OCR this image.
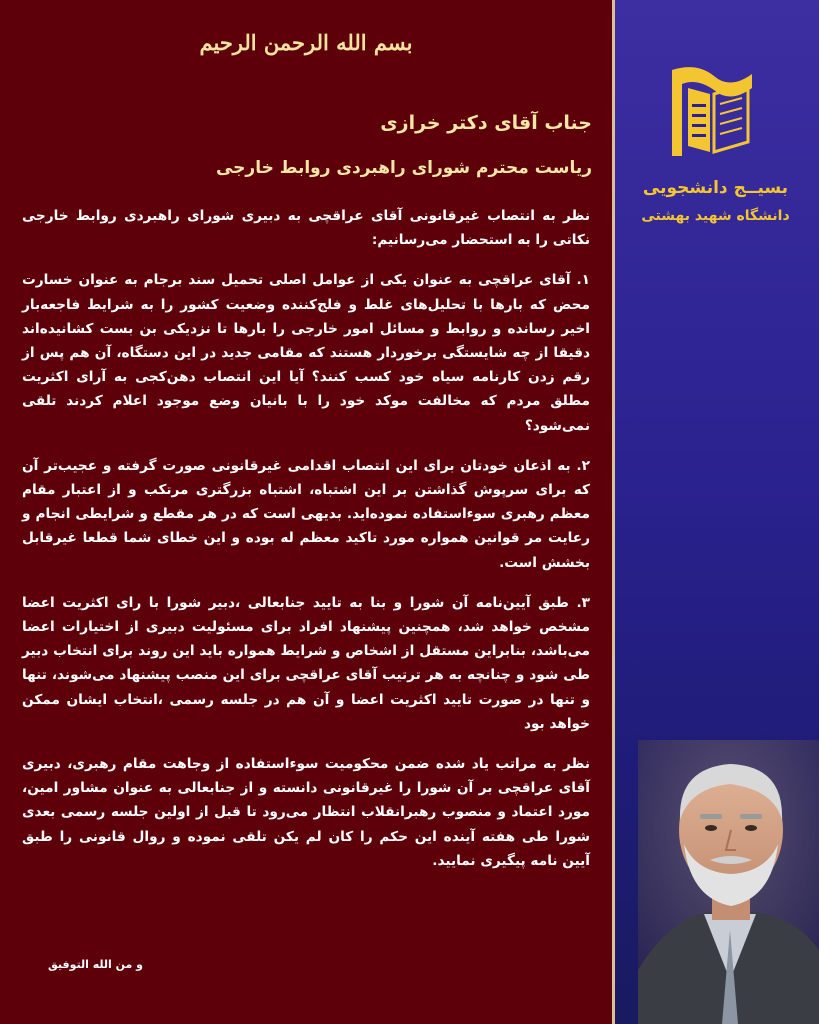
بسم الله الرحمن الرحیم
جناب آقای دکتر خرازی
ریاست محترم شورای راهبردی روابط خارجی

نظر به انتصاب غیرقانونی آقای عراقچی به دبیری شورای راهبردی روابط خارجی نکاتی را به استحضار می‌رسانیم:

۱. آقای عراقچی به عنوان یکی از عوامل اصلی تحمیل سند برجام به عنوان خسارت محض که بارها با تحلیل‌های غلط و فلج‌کننده وضعیت کشور را به شرایط فاجعه‌بار اخیر رسانده و روابط و مسائل امور خارجی را بارها تا نزدیکی بن بست کشانیده‌اند دقیقا از چه شایستگی برخوردار هستند که مقامی جدید در این دستگاه، آن هم پس از رقم زدن کارنامه سیاه خود کسب کنند؟ آیا این انتصاب دهن‌کجی به آرای اکثریت مطلق مردم که مخالفت موکد خود را با بانیان وضع موجود اعلام کردند تلقی نمی‌شود؟

۲. به اذعان خودتان برای این انتصاب اقدامی غیرقانونی صورت گرفته و عجیب‌تر آن که برای سرپوش گذاشتن بر این اشتباه، اشتباه بزرگتری مرتکب و از اعتبار مقام معظم رهبری سوءاستفاده نموده‌اید. بدیهی است که در هر مقطع و شرایطی انجام و رعایت مر قوانین همواره مورد تاکید معظم له بوده و این خطای شما قطعا غیرقابل بخشش است.

۳. طبق آیین‌نامه آن شورا و بنا به تایید جنابعالی ،دبیر شورا با رای اکثریت اعضا مشخص خواهد شد، همچنین پیشنهاد افراد برای مسئولیت دبیری از اختیارات اعضا می‌باشد، بنابراین مستقل از اشخاص و شرایط همواره باید این روند برای انتخاب دبیر طی شود و چنانچه به هر ترتیب آقای عراقچی برای این منصب پیشنهاد می‌شوند، تنها و تنها در صورت تایید اکثریت اعضا و آن هم در جلسه رسمی ،انتخاب ایشان ممکن خواهد بود

نظر به مراتب یاد شده ضمن محکومیت سوءاستفاده از وجاهت مقام رهبری، دبیری آقای عراقچی بر آن شورا را غیرقانونی دانسته و از جنابعالی به عنوان مشاور امین، مورد اعتماد و منصوب رهبرانقلاب انتظار می‌رود تا قبل از اولین جلسه رسمی بعدی شورا طی هفته آینده این حکم را کان لم یکن تلقی نموده و روال قانونی را طبق آیین نامه پیگیری نمایید.

و من الله التوفیق
بسیــج دانشجویی
دانشگاه شهید بهشتی
